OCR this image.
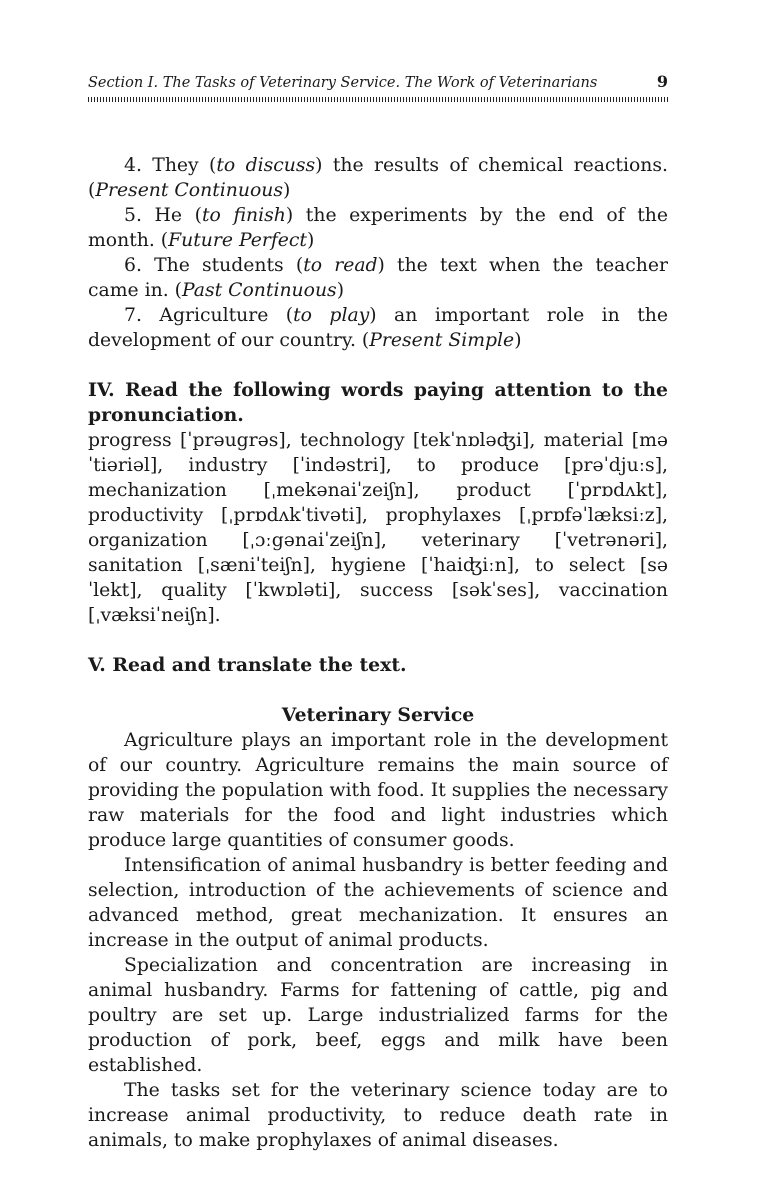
Section I. The Tasks of Veterinary Service. The Work of Veterinarians	9

4. They (to discuss) the results of chemical reactions. (Present Continuous)

5. He (to finish) the experiments by the end of the month. (Future Perfect)

6. The students (to read) the text when the teacher came in. (Past Continuous)

7. Agriculture (to play) an important role in the development of our country. (Present Simple)

IV. Read the following words paying attention to the pronunciation.

progress [ˈprəugrəs], technology [tekˈnɒləʤi], material [məˈtiəriəl], industry [ˈindəstri], to produce [prəˈdjuːs], mechanization [ˌmekənaiˈzeiʃn], product [ˈprɒdʌkt], productivity [ˌprɒdʌkˈtivəti], prophylaxes [ˌprɒfəˈlæksiːz], organization [ˌɔːgənaiˈzeiʃn], veterinary [ˈvetrənəri], sanitation [ˌsæniˈteiʃn], hygiene [ˈhaiʤiːn], to select [səˈlekt], quality [ˈkwɒləti], success [səkˈses], vaccination [ˌvæksiˈneiʃn].

V. Read and translate the text.

Veterinary Service

Agriculture plays an important role in the development of our country. Agriculture remains the main source of providing the population with food. It supplies the necessary raw materials for the food and light industries which produce large quantities of consumer goods.

Intensification of animal husbandry is better feeding and selection, introduction of the achievements of science and advanced method, great mechanization. It ensures an increase in the output of animal products.

Specialization and concentration are increasing in animal husbandry. Farms for fattening of cattle, pig and poultry are set up. Large industrialized farms for the production of pork, beef, eggs and milk have been established.

The tasks set for the veterinary science today are to increase animal productivity, to reduce death rate in animals, to make prophylaxes of animal diseases.
